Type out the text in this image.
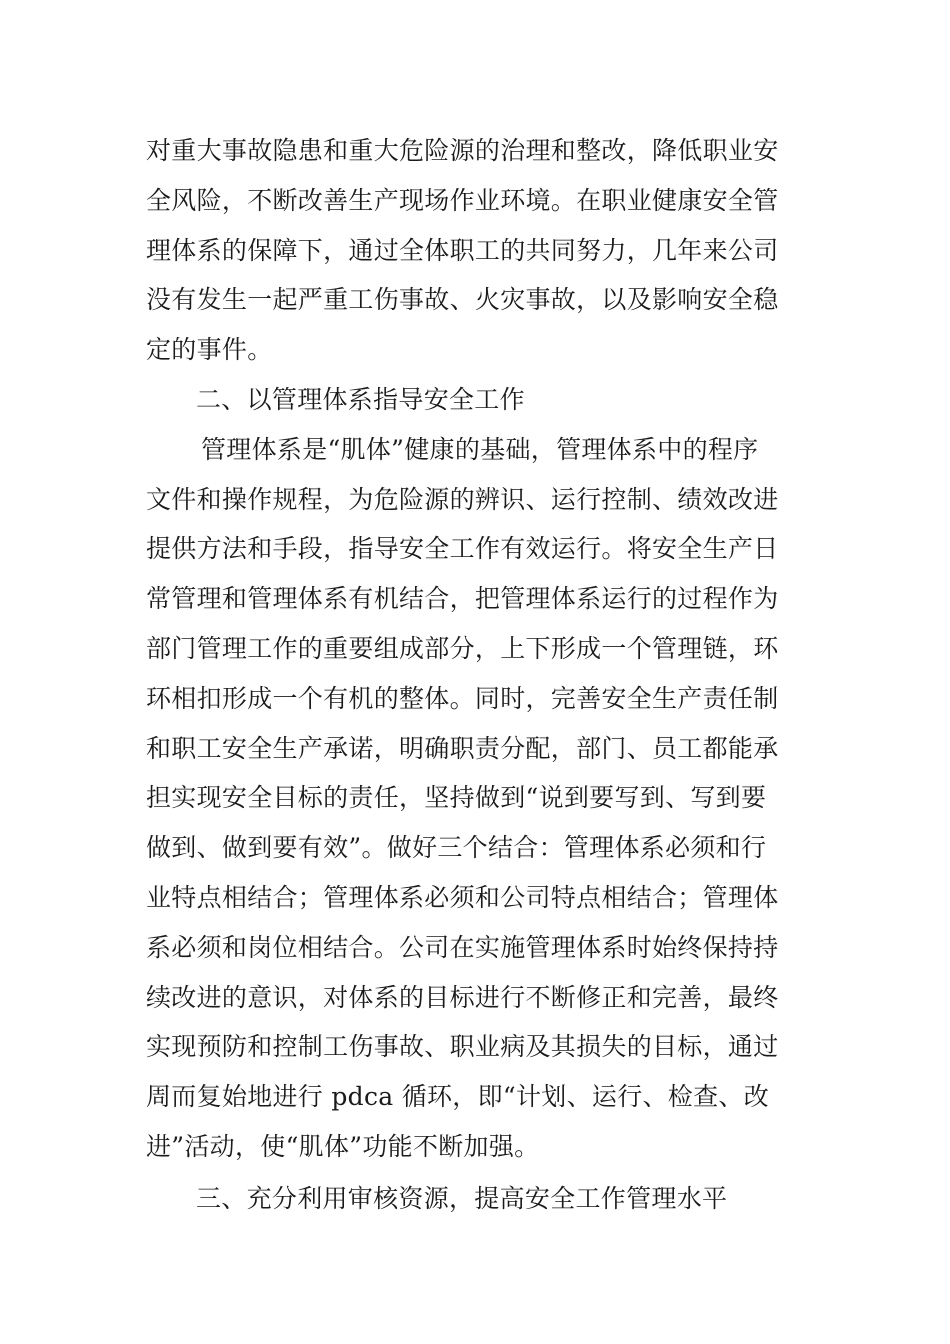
对重大事故隐患和重大危险源的治理和整改，降低职业安
全风险，不断改善生产现场作业环境。在职业健康安全管
理体系的保障下，通过全体职工的共同努力，几年来公司
没有发生一起严重工伤事故、火灾事故，以及影响安全稳
定的事件。

二、以管理体系指导安全工作

管理体系是“肌体”健康的基础，管理体系中的程序
文件和操作规程，为危险源的辨识、运行控制、绩效改进
提供方法和手段，指导安全工作有效运行。将安全生产日
常管理和管理体系有机结合，把管理体系运行的过程作为
部门管理工作的重要组成部分，上下形成一个管理链，环
环相扣形成一个有机的整体。同时，完善安全生产责任制
和职工安全生产承诺，明确职责分配，部门、员工都能承
担实现安全目标的责任，坚持做到“说到要写到、写到要
做到、做到要有效”。做好三个结合：管理体系必须和行
业特点相结合；管理体系必须和公司特点相结合；管理体
系必须和岗位相结合。公司在实施管理体系时始终保持持
续改进的意识，对体系的目标进行不断修正和完善，最终
实现预防和控制工伤事故、职业病及其损失的目标，通过
周而复始地进行 pdca 循环，即“计划、运行、检查、改
进”活动，使“肌体”功能不断加强。

三、充分利用审核资源，提高安全工作管理水平
